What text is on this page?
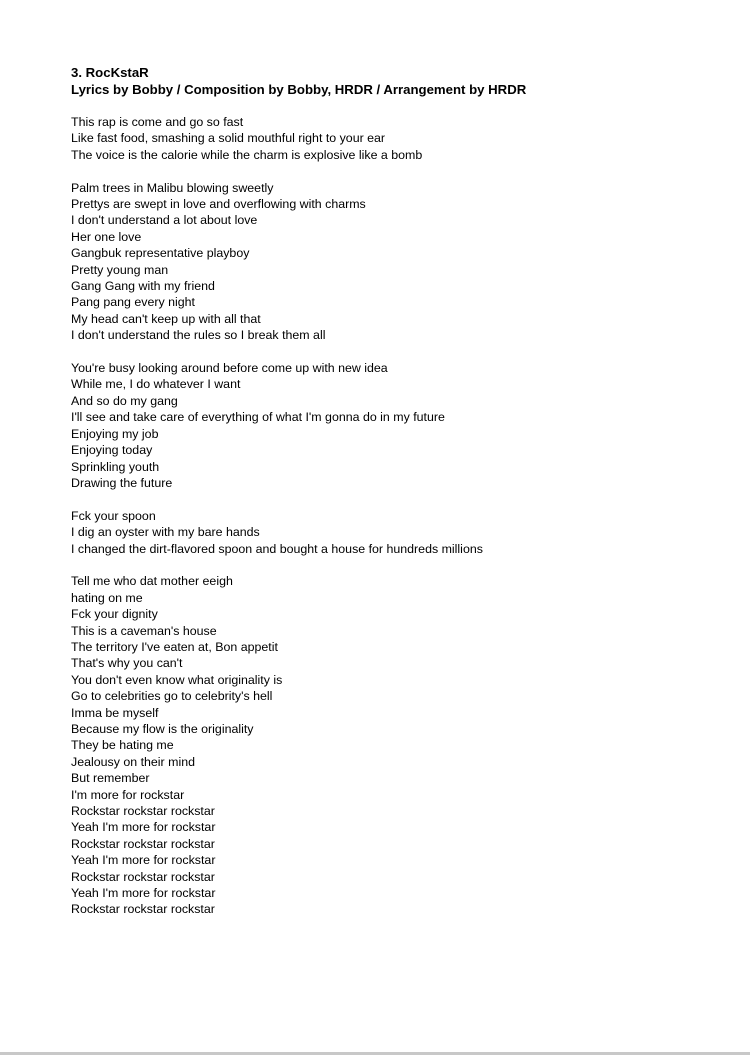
3. RocKstaR
Lyrics by Bobby / Composition by Bobby, HRDR / Arrangement by HRDR
This rap is come and go so fast
Like fast food, smashing a solid mouthful right to your ear
The voice is the calorie while the charm is explosive like a bomb
Palm trees in Malibu blowing sweetly
Prettys are swept in love and overflowing with charms
I don't understand a lot about love
Her one love
Gangbuk representative playboy
Pretty young man
Gang Gang with my friend
Pang pang every night
My head can't keep up with all that
I don't understand the rules so I break them all
You're busy looking around before come up with new idea
While me, I do whatever I want
And so do my gang
I'll see and take care of everything of what I'm gonna do in my future
Enjoying my job
Enjoying today
Sprinkling youth
Drawing the future
Fck your spoon
I dig an oyster with my bare hands
I changed the dirt-flavored spoon and bought a house for hundreds millions
Tell me who dat mother eeigh
hating on me
Fck your dignity
This is a caveman's house
The territory I've eaten at, Bon appetit
That's why you can't
You don't even know what originality is
Go to celebrities go to celebrity's hell
Imma be myself
Because my flow is the originality
They be hating me
Jealousy on their mind
But remember
I'm more for rockstar
Rockstar rockstar rockstar
Yeah I'm more for rockstar
Rockstar rockstar rockstar
Yeah I'm more for rockstar
Rockstar rockstar rockstar
Yeah I'm more for rockstar
Rockstar rockstar rockstar
